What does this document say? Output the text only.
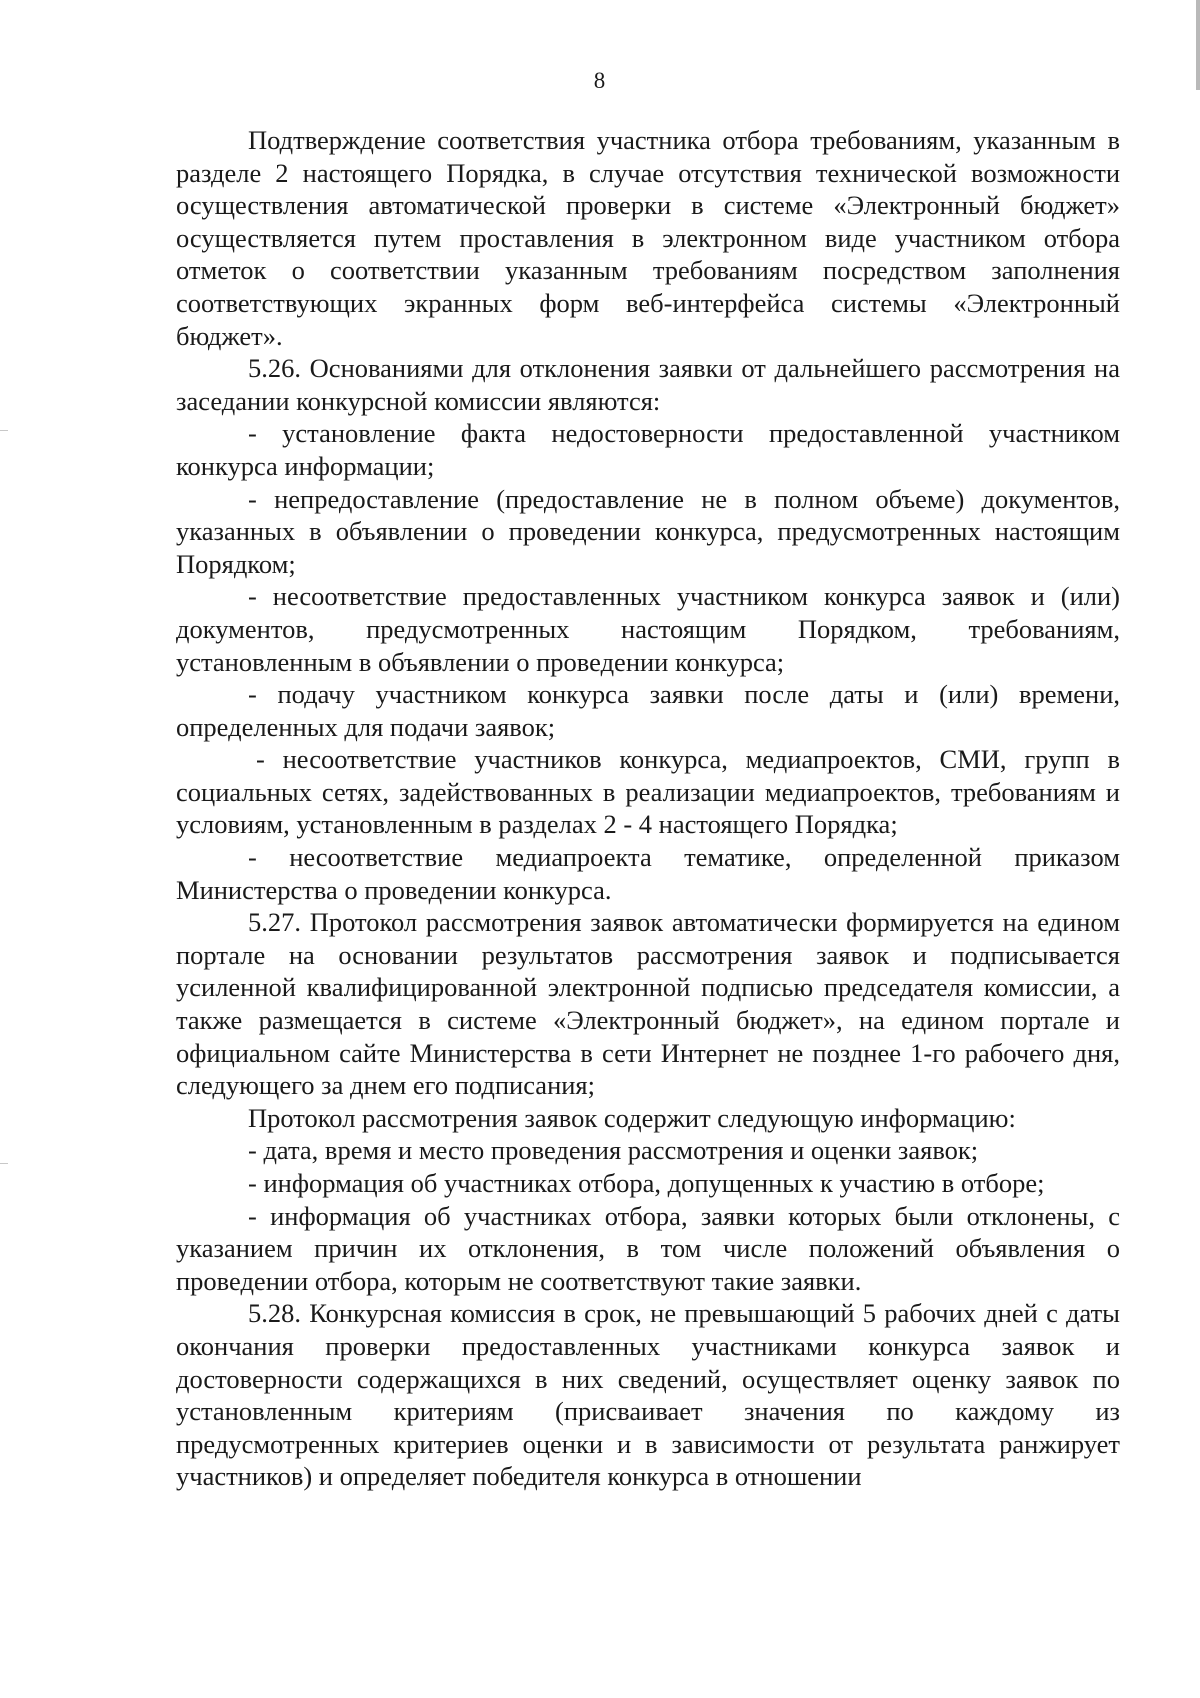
8

Подтверждение соответствия участника отбора требованиям, указанным в разделе 2 настоящего Порядка, в случае отсутствия технической возможности осуществления автоматической проверки в системе «Электронный бюджет» осуществляется путем проставления в электронном виде участником отбора отметок о соответствии указанным требованиям посредством заполнения соответствующих экранных форм веб-интерфейса системы «Электронный бюджет».

5.26. Основаниями для отклонения заявки от дальнейшего рассмотрения на заседании конкурсной комиссии являются:

- установление факта недостоверности предоставленной участником конкурса информации;

- непредоставление (предоставление не в полном объеме) документов, указанных в объявлении о проведении конкурса, предусмотренных настоящим Порядком;

- несоответствие предоставленных участником конкурса заявок и (или) документов, предусмотренных настоящим Порядком, требованиям, установленным в объявлении о проведении конкурса;

- подачу участником конкурса заявки после даты и (или) времени, определенных для подачи заявок;

- несоответствие участников конкурса, медиапроектов, СМИ, групп в социальных сетях, задействованных в реализации медиапроектов, требованиям и условиям, установленным в разделах 2 - 4 настоящего Порядка;

- несоответствие медиапроекта тематике, определенной приказом Министерства о проведении конкурса.

5.27. Протокол рассмотрения заявок автоматически формируется на едином портале на основании результатов рассмотрения заявок и подписывается усиленной квалифицированной электронной подписью председателя комиссии, а также размещается в системе «Электронный бюджет», на едином портале и официальном сайте Министерства в сети Интернет не позднее 1-го рабочего дня, следующего за днем его подписания;

Протокол рассмотрения заявок содержит следующую информацию:

- дата, время и место проведения рассмотрения и оценки заявок;

- информация об участниках отбора, допущенных к участию в отборе;

- информация об участниках отбора, заявки которых были отклонены, с указанием причин их отклонения, в том числе положений объявления о проведении отбора, которым не соответствуют такие заявки.

5.28. Конкурсная комиссия в срок, не превышающий 5 рабочих дней с даты окончания проверки предоставленных участниками конкурса заявок и достоверности содержащихся в них сведений, осуществляет оценку заявок по установленным критериям (присваивает значения по каждому из предусмотренных критериев оценки и в зависимости от результата ранжирует участников) и определяет победителя конкурса в отношении
